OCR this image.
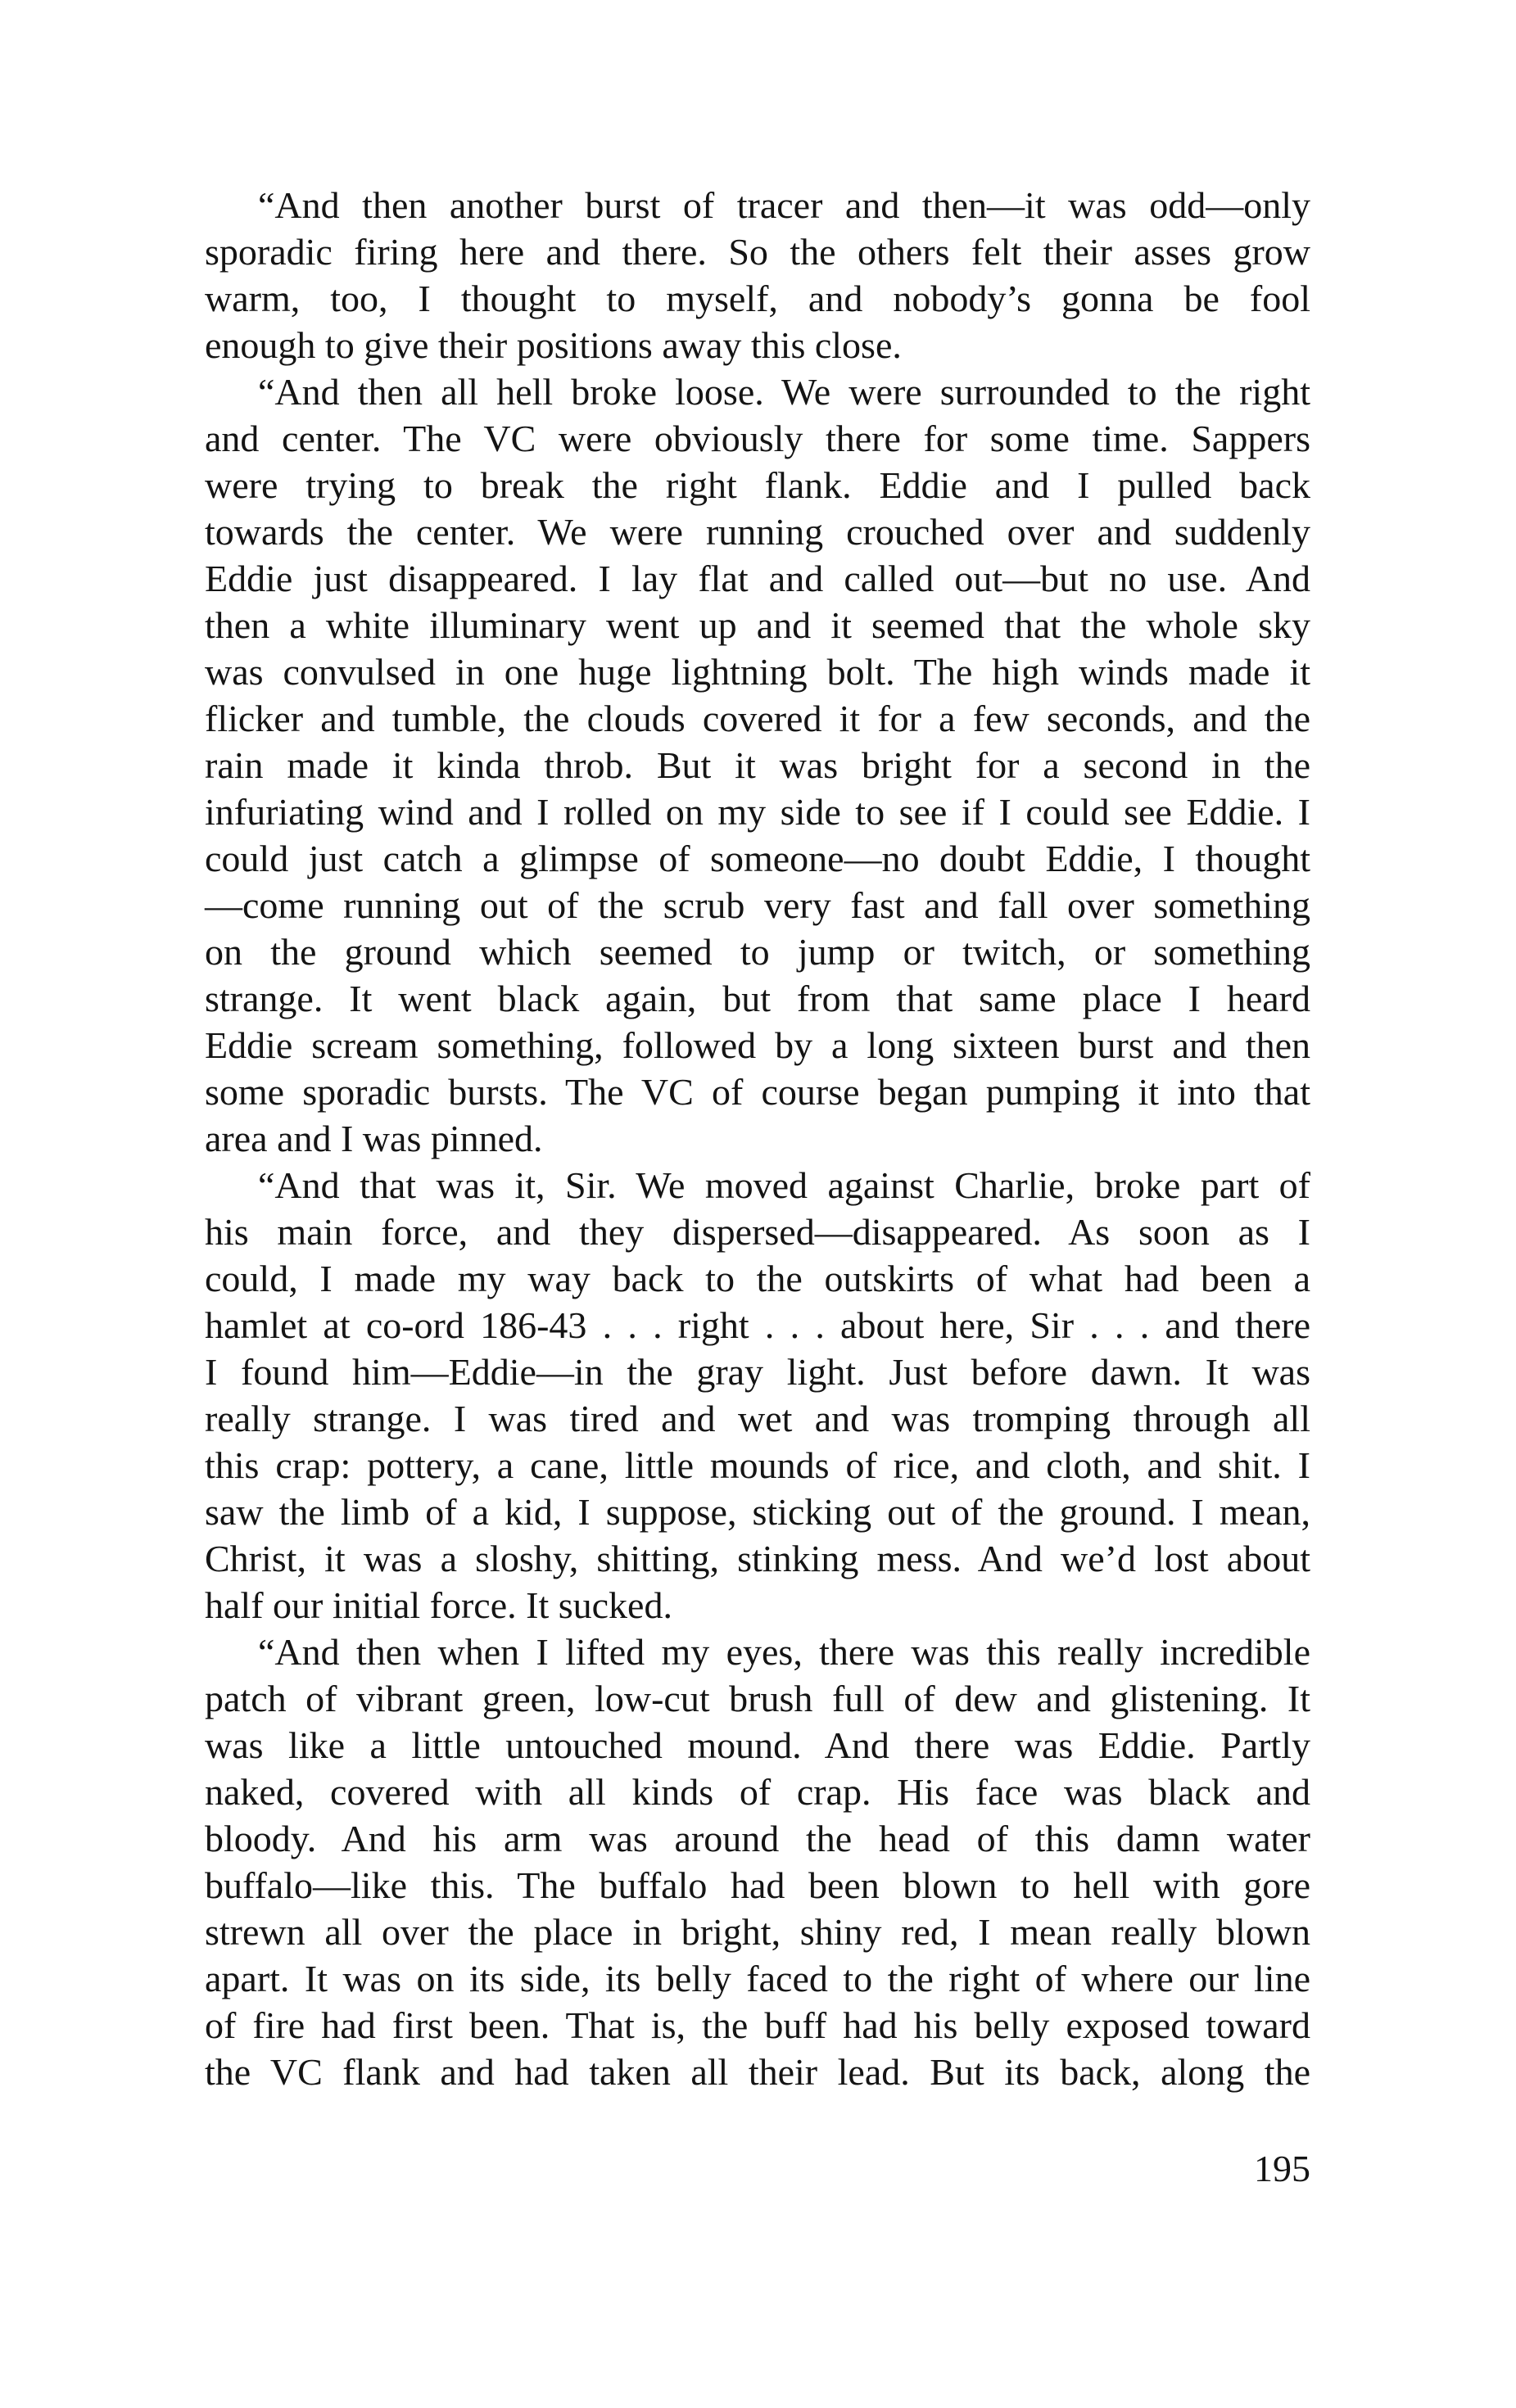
“And then another burst of tracer and then—it was odd—only
sporadic firing here and there. So the others felt their asses grow
warm, too, I thought to myself, and nobody’s gonna be fool
enough to give their positions away this close.
“And then all hell broke loose. We were surrounded to the right
and center. The VC were obviously there for some time. Sappers
were trying to break the right flank. Eddie and I pulled back
towards the center. We were running crouched over and suddenly
Eddie just disappeared. I lay flat and called out—but no use. And
then a white illuminary went up and it seemed that the whole sky
was convulsed in one huge lightning bolt. The high winds made it
flicker and tumble, the clouds covered it for a few seconds, and the
rain made it kinda throb. But it was bright for a second in the
infuriating wind and I rolled on my side to see if I could see Eddie. I
could just catch a glimpse of someone—no doubt Eddie, I thought
—come running out of the scrub very fast and fall over something
on the ground which seemed to jump or twitch, or something
strange. It went black again, but from that same place I heard
Eddie scream something, followed by a long sixteen burst and then
some sporadic bursts. The VC of course began pumping it into that
area and I was pinned.
“And that was it, Sir. We moved against Charlie, broke part of
his main force, and they dispersed—disappeared. As soon as I
could, I made my way back to the outskirts of what had been a
hamlet at co-ord 186-43 . . . right . . . about here, Sir . . . and there
I found him—Eddie—in the gray light. Just before dawn. It was
really strange. I was tired and wet and was tromping through all
this crap: pottery, a cane, little mounds of rice, and cloth, and shit. I
saw the limb of a kid, I suppose, sticking out of the ground. I mean,
Christ, it was a sloshy, shitting, stinking mess. And we’d lost about
half our initial force. It sucked.
“And then when I lifted my eyes, there was this really incredible
patch of vibrant green, low-cut brush full of dew and glistening. It
was like a little untouched mound. And there was Eddie. Partly
naked, covered with all kinds of crap. His face was black and
bloody. And his arm was around the head of this damn water
buffalo—like this. The buffalo had been blown to hell with gore
strewn all over the place in bright, shiny red, I mean really blown
apart. It was on its side, its belly faced to the right of where our line
of fire had first been. That is, the buff had his belly exposed toward
the VC flank and had taken all their lead. But its back, along the
195
